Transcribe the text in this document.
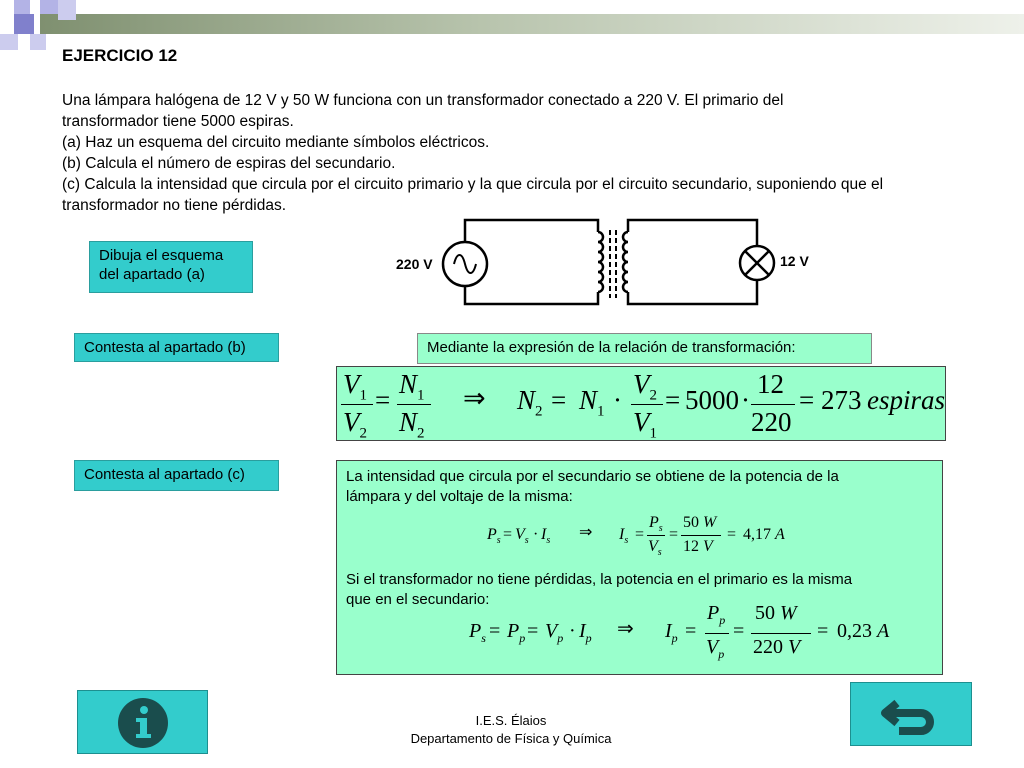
EJERCICIO 12
Una lámpara halógena de 12 V y 50 W funciona con un transformador conectado a 220 V. El primario del
transformador tiene 5000 espiras.
(a) Haz un esquema del circuito mediante símbolos eléctricos.
(b) Calcula el número de espiras del secundario.
(c) Calcula la intensidad que circula por el circuito primario y la que circula por el circuito secundario, suponiendo que el
transformador no tiene pérdidas.
Dibuja el esquema
del apartado (a)
220 V	12 V
Contesta al apartado (b)	Mediante la expresión de la relación de transformación:
$V_1$
$V_2$
=
$N_1$
$N_2$
⇒ $N_2 = N_1$ ·
$V_2$
$V_1$
= 5000 ·
12
220
= 273 espiras
Contesta al apartado (c)	La intensidad que circula por el secundario se obtiene de la potencia de la
lámpara y del voltaje de la misma:
$P_s = V_s \cdot I_s$ ⇒ $I_s$ =
$P_s$
$V_s$
=
50 W
12 V
= 4,17 A
Si el transformador no tiene pérdidas, la potencia en el primario es la misma
que en el secundario:
$P_s = P_p = V_p \cdot I_p$ ⇒ $I_p$ =
$P_p$
$V_p$
=
50 W
220 V
= 0,23 A
I.E.S. Élaios
Departamento de Física y Química
